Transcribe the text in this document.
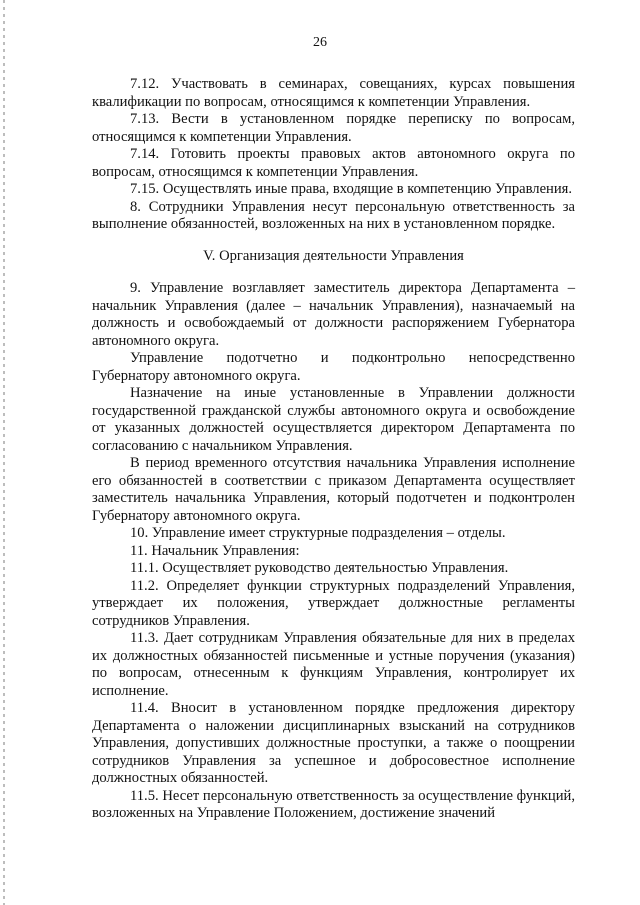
26

7.12. Участвовать в семинарах, совещаниях, курсах повышения квалификации по вопросам, относящимся к компетенции Управления.

7.13. Вести в установленном порядке переписку по вопросам, относящимся к компетенции Управления.

7.14. Готовить проекты правовых актов автономного округа по вопросам, относящимся к компетенции Управления.

7.15. Осуществлять иные права, входящие в компетенцию Управления.

8. Сотрудники Управления несут персональную ответственность за выполнение обязанностей, возложенных на них в установленном порядке.

V. Организация деятельности Управления

9. Управление возглавляет заместитель директора Департамента – начальник Управления (далее – начальник Управления), назначаемый на должность и освобождаемый от должности распоряжением Губернатора автономного округа.

Управление подотчетно и подконтрольно непосредственно Губернатору автономного округа.

Назначение на иные установленные в Управлении должности государственной гражданской службы автономного округа и освобождение от указанных должностей осуществляется директором Департамента по согласованию с начальником Управления.

В период временного отсутствия начальника Управления исполнение его обязанностей в соответствии с приказом Департамента осуществляет заместитель начальника Управления, который подотчетен и подконтролен Губернатору автономного округа.

10. Управление имеет структурные подразделения – отделы.

11. Начальник Управления:

11.1. Осуществляет руководство деятельностью Управления.

11.2. Определяет функции структурных подразделений Управления, утверждает их положения, утверждает должностные регламенты сотрудников Управления.

11.3. Дает сотрудникам Управления обязательные для них в пределах их должностных обязанностей письменные и устные поручения (указания) по вопросам, отнесенным к функциям Управления, контролирует их исполнение.

11.4. Вносит в установленном порядке предложения директору Департамента о наложении дисциплинарных взысканий на сотрудников Управления, допустивших должностные проступки, а также о поощрении сотрудников Управления за успешное и добросовестное исполнение должностных обязанностей.

11.5. Несет персональную ответственность за осуществление функций, возложенных на Управление Положением, достижение значений
